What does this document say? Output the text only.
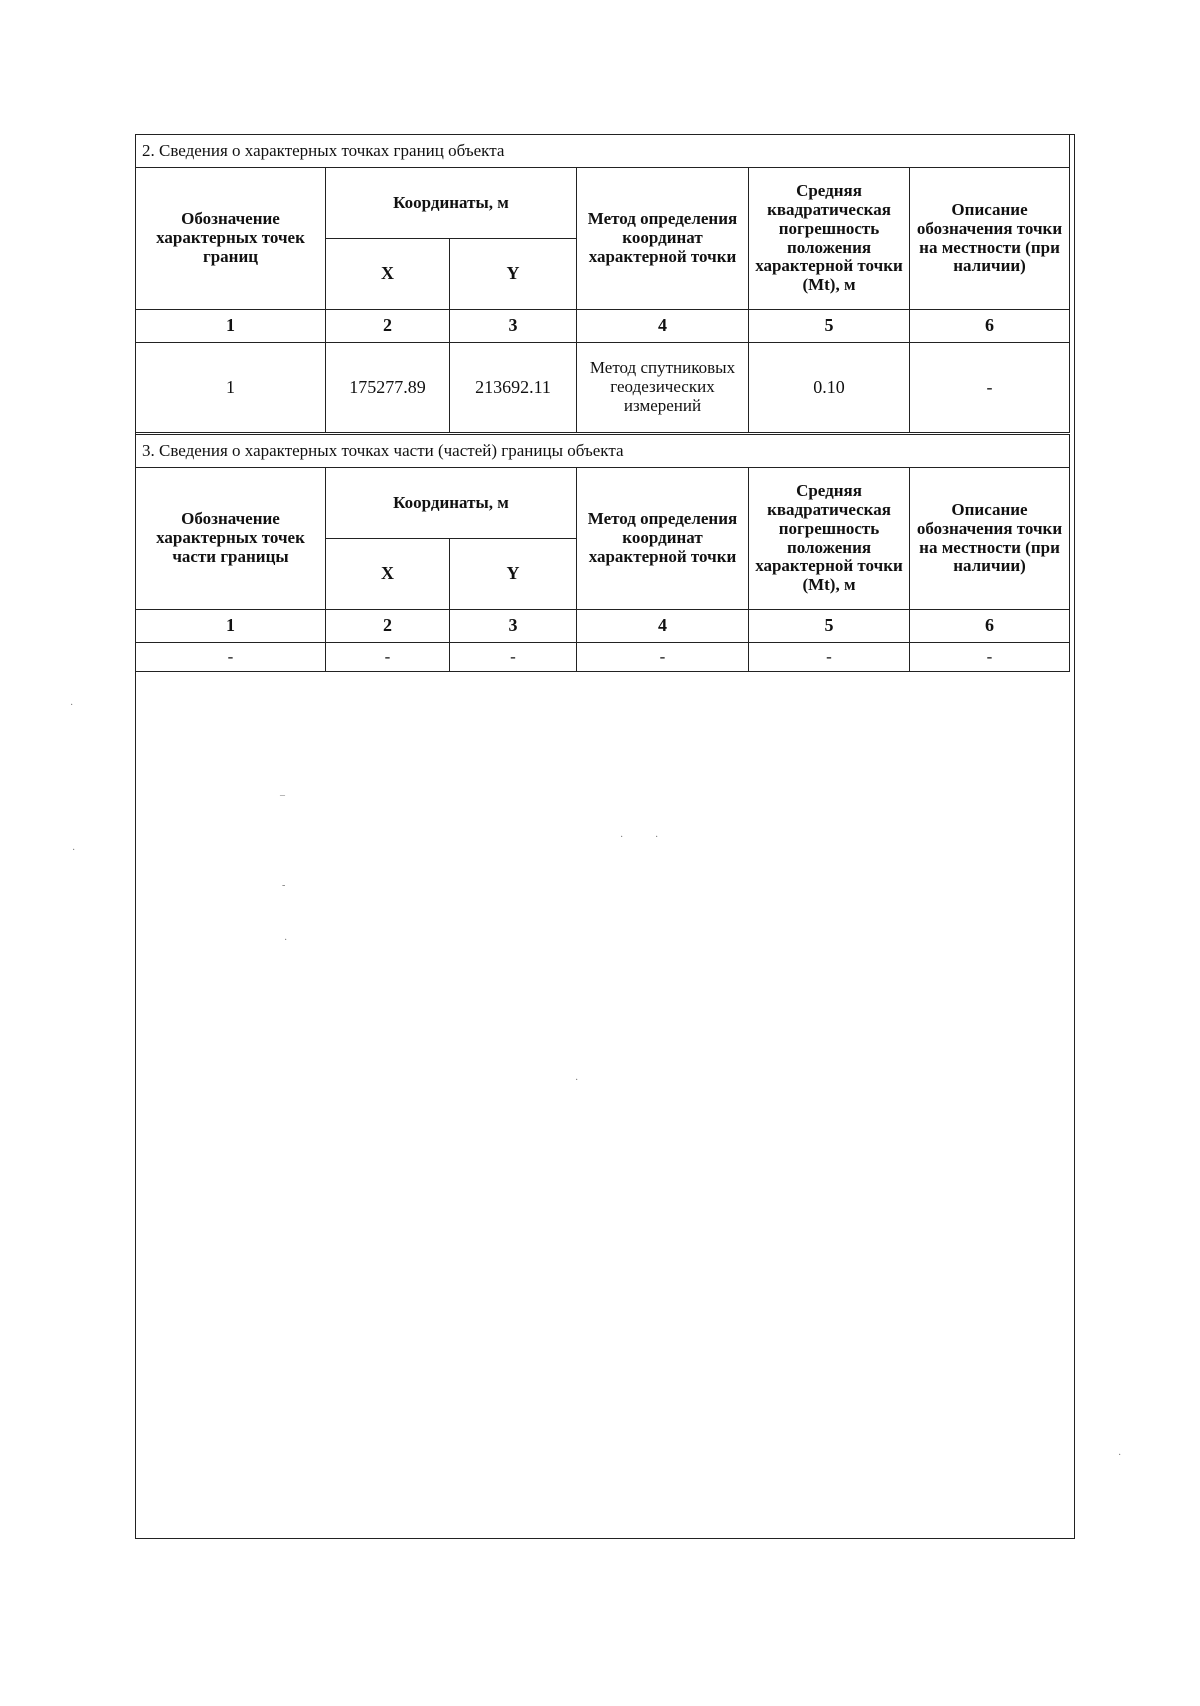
2. Сведения о характерных точках границ объекта					
Обозначение характерных точек границ	Координаты, м		Метод определения координат характерной точки	Средняя квадратическая погрешность положения характерной точки (Mt), м	Описание обозначения точки на местности (при наличии)
	X	Y			
1	2	3	4	5	6
1	175277.89	213692.11	Метод спутниковых геодезических измерений	0.10	-
3. Сведения о характерных точках части (частей) границы объекта					
Обозначение характерных точек части границы	Координаты, м		Метод определения координат характерной точки	Средняя квадратическая погрешность положения характерной точки (Mt), м	Описание обозначения точки на местности (при наличии)
	X	Y			
1	2	3	4	5	6
-	-	-	-	-	-
·
·
–
-
·
·	·
·
·
